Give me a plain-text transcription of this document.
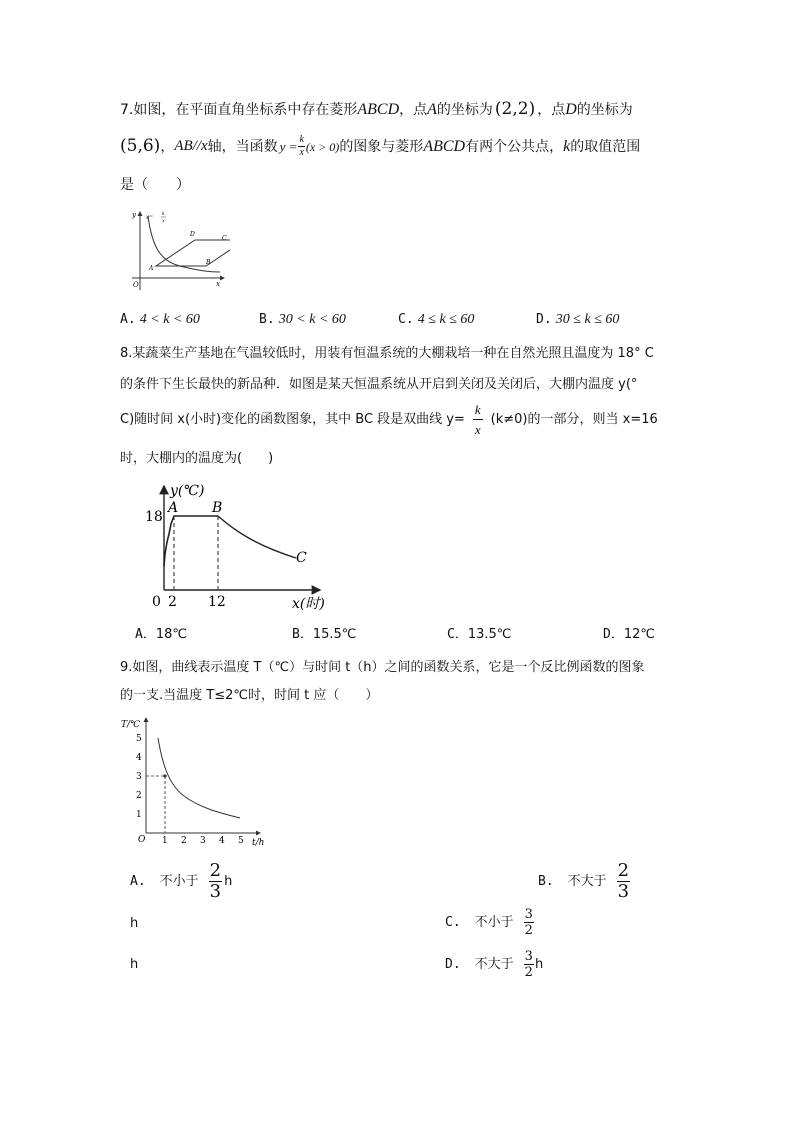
7.如图，在平面直角坐标系中存在菱形ABCD，点A的坐标为 (2,2) ，点D的坐标为
(5,6) ， AB//x 轴，当函数 $y = \frac{k}{x} (x > 0)$ 的图象与菱形 ABCD 有两个公共点， k 的取值范围
是（　　）
y
x
O
y= k
x
A
B
C
D
A. 4 < k < 60	B. 30 < k < 60	C. 4 ≤ k ≤ 60	D. 30 ≤ k ≤ 60
8.某蔬菜生产基地在气温较低时，用装有恒温系统的大棚栽培一种在自然光照且温度为 18° C
的条件下生长最快的新品种．如图是某天恒温系统从开启到关闭及关闭后，大棚内温度 y(°
C)随时间 x(小时)变化的函数图象，其中 BC 段是双曲线 $y= \frac{k}{x} (k\ne 0)$的一部分，则当 x=16
时，大棚内的温度为(　　)
y(℃)
x(时)
18
0 2 12
A B
C
A．18℃	B．15.5℃	C．13.5℃	D．12℃
9.如图，曲线表示温度 T（℃）与时间 t（h）之间的函数关系，它是一个反比例函数的图象
的一支.当温度 T≤2℃时，时间 t 应（　　）
T/℃
t/h
O
1
2
3
4
5
1 2 3 4 5
A. 不小于 $\frac{2}{3}$ h	B. 不大于 $\frac{2}{3}$
h	C. 不小于 $\frac{3}{2}$
h	D. 不大于 $\frac{3}{2}$ h
